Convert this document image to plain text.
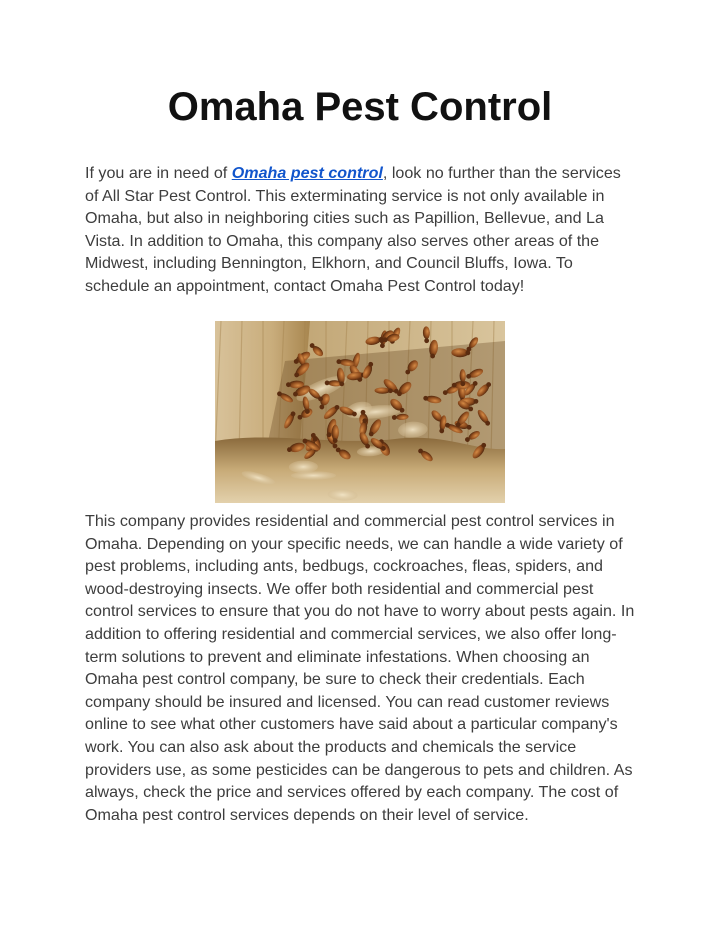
Omaha Pest Control

If you are in need of Omaha pest control, look no further than the services of All Star Pest Control. This exterminating service is not only available in Omaha, but also in neighboring cities such as Papillion, Bellevue, and La Vista. In addition to Omaha, this company also serves other areas of the Midwest, including Bennington, Elkhorn, and Council Bluffs, Iowa. To schedule an appointment, contact Omaha Pest Control today!

This company provides residential and commercial pest control services in Omaha. Depending on your specific needs, we can handle a wide variety of pest problems, including ants, bedbugs, cockroaches, fleas, spiders, and wood-destroying insects. We offer both residential and commercial pest control services to ensure that you do not have to worry about pests again. In addition to offering residential and commercial services, we also offer long-term solutions to prevent and eliminate infestations. When choosing an Omaha pest control company, be sure to check their credentials. Each company should be insured and licensed. You can read customer reviews online to see what other customers have said about a particular company's work. You can also ask about the products and chemicals the service providers use, as some pesticides can be dangerous to pets and children. As always, check the price and services offered by each company. The cost of Omaha pest control services depends on their level of service.
